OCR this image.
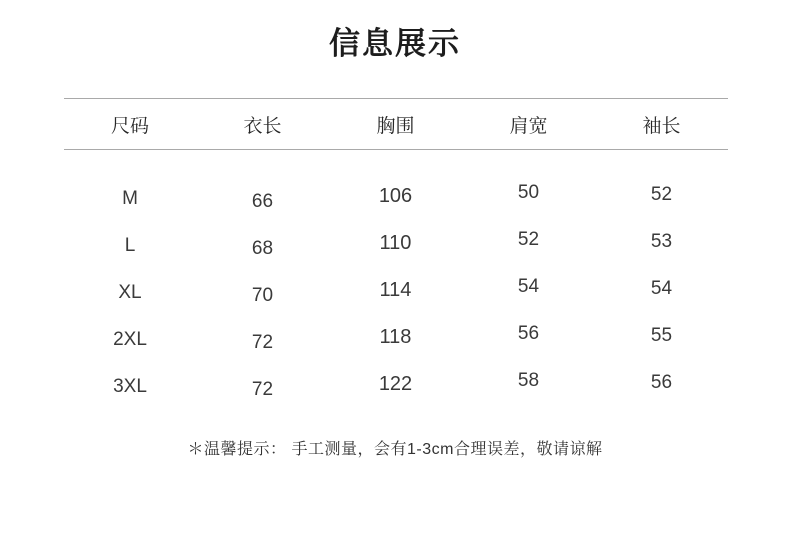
信息展示
尺码	衣长	胸围	肩宽	袖长
M	66	106	50	52
L	68	110	52	53
XL	70	114	54	54
2XL	72	118	56	55
3XL	72	122	58	56
＊温馨提示： 手工测量，会有1-3cm合理误差，敬请谅解
